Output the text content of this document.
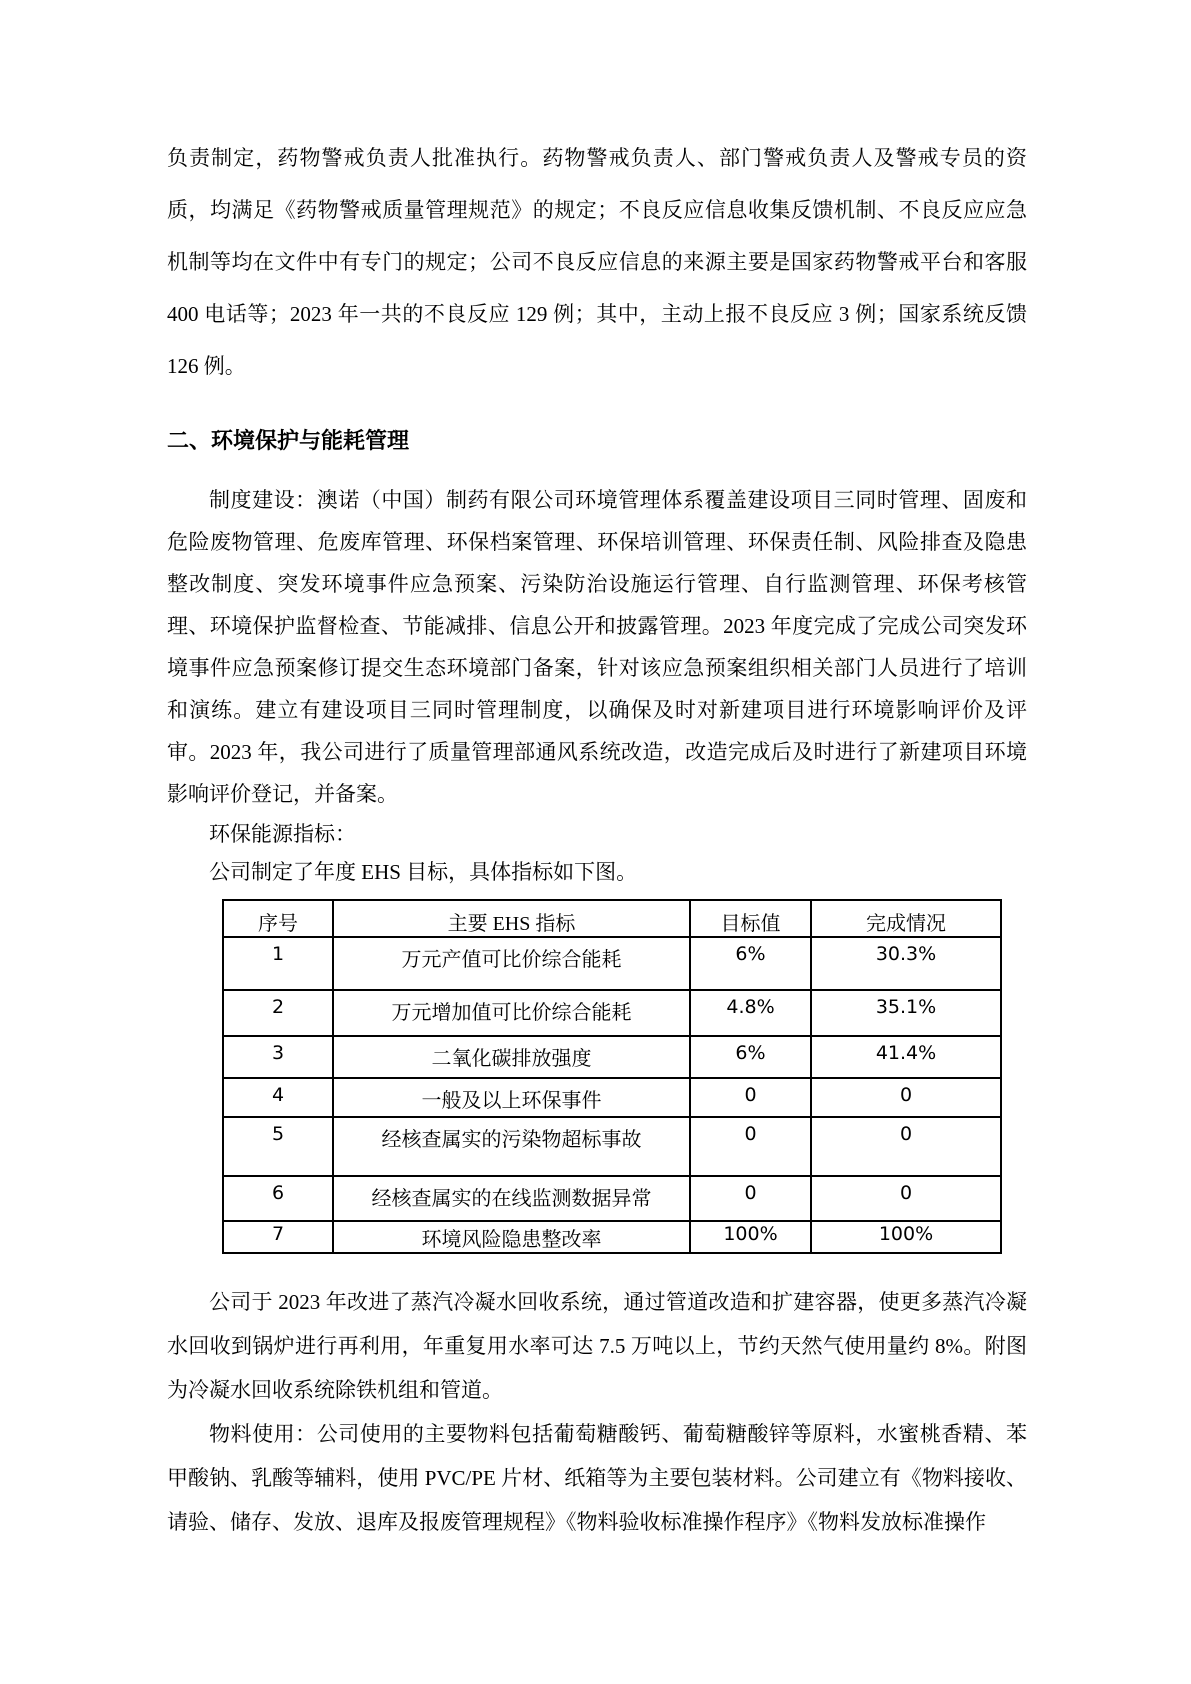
负责制定，药物警戒负责人批准执行。药物警戒负责人、部门警戒负责人及警戒专员的资质，均满足《药物警戒质量管理规范》的规定；不良反应信息收集反馈机制、不良反应应急机制等均在文件中有专门的规定；公司不良反应信息的来源主要是国家药物警戒平台和客服 400 电话等；2023 年一共的不良反应 129 例；其中，主动上报不良反应 3 例；国家系统反馈 126 例。

二、环境保护与能耗管理

制度建设：澳诺（中国）制药有限公司环境管理体系覆盖建设项目三同时管理、固废和危险废物管理、危废库管理、环保档案管理、环保培训管理、环保责任制、风险排查及隐患整改制度、突发环境事件应急预案、污染防治设施运行管理、自行监测管理、环保考核管理、环境保护监督检查、节能减排、信息公开和披露管理。2023 年度完成了完成公司突发环境事件应急预案修订提交生态环境部门备案，针对该应急预案组织相关部门人员进行了培训和演练。建立有建设项目三同时管理制度，以确保及时对新建项目进行环境影响评价及评审。2023 年，我公司进行了质量管理部通风系统改造，改造完成后及时进行了新建项目环境影响评价登记，并备案。

环保能源指标：

公司制定了年度 EHS 目标，具体指标如下图。

序号	主要 EHS 指标	目标值	完成情况
1	万元产值可比价综合能耗	6%	30.3%
2	万元增加值可比价综合能耗	4.8%	35.1%
3	二氧化碳排放强度	6%	41.4%
4	一般及以上环保事件	0	0
5	经核查属实的污染物超标事故	0	0
6	经核查属实的在线监测数据异常	0	0
7	环境风险隐患整改率	100%	100%

公司于 2023 年改进了蒸汽冷凝水回收系统，通过管道改造和扩建容器，使更多蒸汽冷凝水回收到锅炉进行再利用，年重复用水率可达 7.5 万吨以上，节约天然气使用量约 8%。附图为冷凝水回收系统除铁机组和管道。

物料使用：公司使用的主要物料包括葡萄糖酸钙、葡萄糖酸锌等原料，水蜜桃香精、苯甲酸钠、乳酸等辅料，使用 PVC/PE 片材、纸箱等为主要包装材料。公司建立有《物料接收、请验、储存、发放、退库及报废管理规程》《物料验收标准操作程序》《物料发放标准操作
